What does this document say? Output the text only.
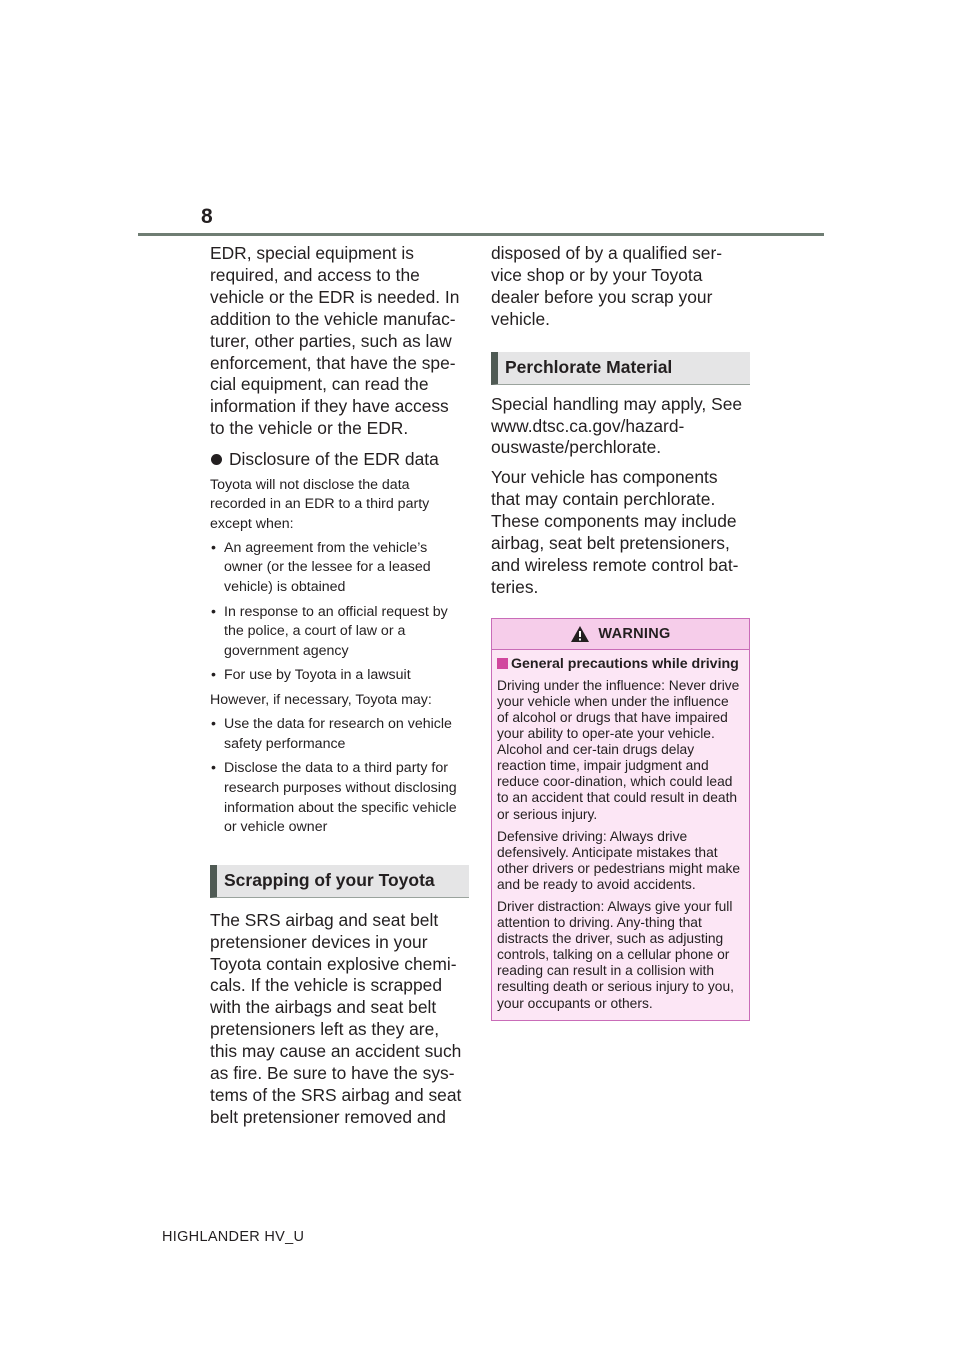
8

EDR, special equipment is required, and access to the vehicle or the EDR is needed. In addition to the vehicle manufac-turer, other parties, such as law enforcement, that have the spe-cial equipment, can read the information if they have access to the vehicle or the EDR.

Disclosure of the EDR data

Toyota will not disclose the data recorded in an EDR to a third party except when:

• An agreement from the vehicle’s owner (or the lessee for a leased vehicle) is obtained
• In response to an official request by the police, a court of law or a government agency
• For use by Toyota in a lawsuit

However, if necessary, Toyota may:

• Use the data for research on vehicle safety performance
• Disclose the data to a third party for research purposes without disclosing information about the specific vehicle or vehicle owner
Scrapping of your Toyota

The SRS airbag and seat belt pretensioner devices in your Toyota contain explosive chemi-cals. If the vehicle is scrapped with the airbags and seat belt pretensioners left as they are, this may cause an accident such as fire. Be sure to have the sys-tems of the SRS airbag and seat belt pretensioner removed and

disposed of by a qualified ser-vice shop or by your Toyota dealer before you scrap your vehicle.

Perchlorate Material

Special handling may apply, See www.dtsc.ca.gov/hazard-ouswaste/perchlorate.

Your vehicle has components that may contain perchlorate. These components may include airbag, seat belt pretensioners, and wireless remote control bat-teries.

WARNING
General precautions while driving

Driving under the influence: Never drive your vehicle when under the influence of alcohol or drugs that have impaired your ability to oper-ate your vehicle. Alcohol and cer-tain drugs delay reaction time, impair judgment and reduce coor-dination, which could lead to an accident that could result in death or serious injury.

Defensive driving: Always drive defensively. Anticipate mistakes that other drivers or pedestrians might make and be ready to avoid accidents.

Driver distraction: Always give your full attention to driving. Any-thing that distracts the driver, such as adjusting controls, talking on a cellular phone or reading can result in a collision with resulting death or serious injury to you, your occupants or others.

HIGHLANDER HV_U
